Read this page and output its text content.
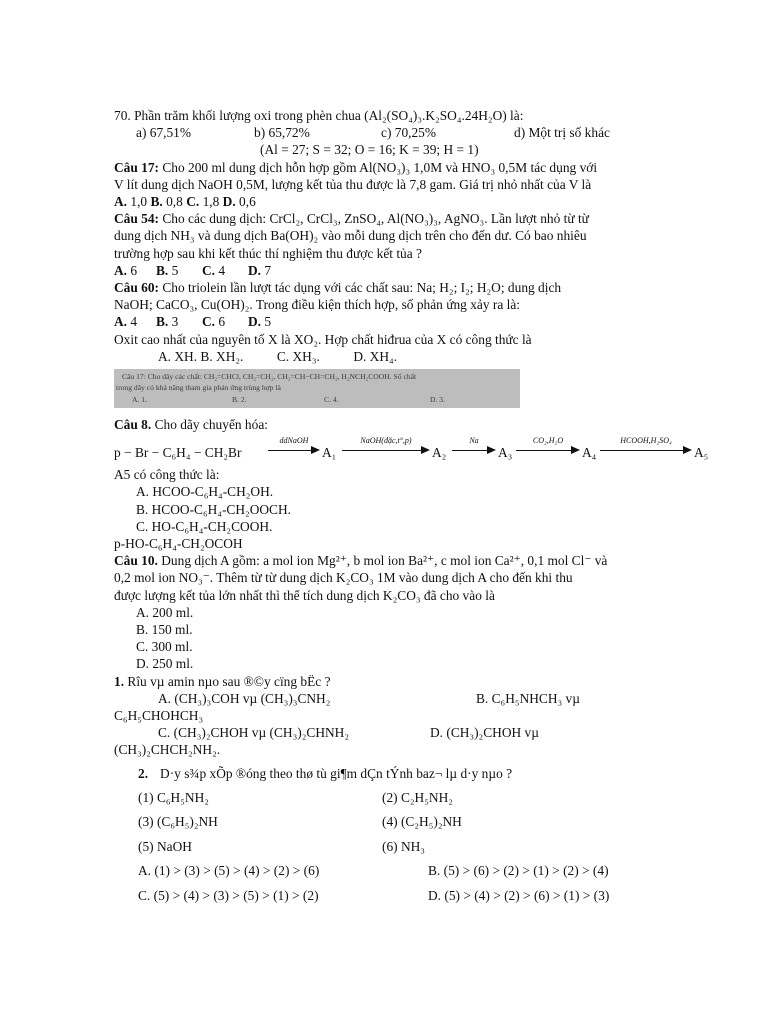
70. Phần trăm khối lượng oxi trong phèn chua (Al₂(SO₄)₃.K₂SO₄.24H₂O) là:
a) 67,51%	b) 65,72%	c) 70,25%	d) Một trị số khác
(Al = 27; S = 32; O = 16; K = 39; H = 1)
Câu 17: Cho 200 ml dung dịch hỗn hợp gồm Al(NO₃)₃ 1,0M và HNO₃ 0,5M tác dụng với
V lít dung dịch NaOH 0,5M, lượng kết tủa thu được là 7,8 gam. Giá trị nhỏ nhất của V là
A. 1,0 B. 0,8 C. 1,8 D. 0,6
Câu 54: Cho các dung dịch: CrCl₂, CrCl₃, ZnSO₄, Al(NO₃)₃, AgNO₃. Lần lượt nhỏ từ từ
dung dịch NH₃ và dung dịch Ba(OH)₂ vào mỗi dung dịch trên cho đến dư. Có bao nhiêu
trường hợp sau khi kết thúc thí nghiệm thu được kết tủa ?
A. 6 B. 5 C. 4 D. 7
Câu 60: Cho triolein lần lượt tác dụng với các chất sau: Na; H₂; I₂; H₂O; dung dịch
NaOH; CaCO₃, Cu(OH)₂. Trong điều kiện thích hợp, số phản ứng xảy ra là:
A. 4 B. 3 C. 6 D. 5
Oxit cao nhất của nguyên tố X là XO₂. Hợp chất hiđrua của X có công thức là
A. XH. B. XH₂.          C. XH₃.          D. XH₄.
Câu 17: Cho dãy các chất: CH₂=CHCl, CH₂=CH₂, CH₂=CH−CH=CH₂, H₂NCH₂COOH. Số chất
trong dãy có khả năng tham gia phản ứng trùng hợp là
A. 1.	B. 2.	C. 4.	D. 3.
Câu 8. Cho dãy chuyển hóa:
p − Br − C₆H₄ − CH₂Br
ddNaOH
A₁
NaOH(đặc,t°,p)
A₂
Na
A₃
CO₂,H₂O
A₄
HCOOH,H₂SO₄
A₅
A5 có công thức là:
A. HCOO-C₆H₄-CH₂OH.
B. HCOO-C₆H₄-CH₂OOCH.
C. HO-C₆H₄-CH₂COOH.
p-HO-C₆H₄-CH₂OCOH
Câu 10. Dung dịch A gồm: a mol ion Mg²⁺, b mol ion Ba²⁺, c mol ion Ca²⁺, 0,1 mol Cl⁻ và
0,2 mol ion NO₃⁻. Thêm từ từ dung dịch K₂CO₃ 1M vào dung dịch A cho đến khi thu
được lượng kết tủa lớn nhất thì thể tích dung dịch K₂CO₃ đã cho vào là
A. 200 ml.
B. 150 ml.
C. 300 ml.
D. 250 ml.
1. Rîu vµ amin nµo sau ®©y cïng bËc ?
A. (CH₃)₃COH vµ (CH₃)₃CNH₂	B. C₆H₅NHCH₃ vµ
C₆H₅CHOHCH₃
C. (CH₃)₂CHOH vµ (CH₃)₂CHNH₂	D. (CH₃)₂CHOH vµ
(CH₃)₂CHCH₂NH₂.
2. D·y s¾p xÕp ®óng theo thø tù gi¶m dÇn tÝnh baz¬ lµ d·y nµo ?
(1) C₆H₅NH₂	(2) C₂H₅NH₂
(3) (C₆H₅)₂NH	(4) (C₂H₅)₂NH
(5) NaOH	(6) NH₃
A. (1) > (3) > (5) > (4) > (2) > (6)	B. (5) > (6) > (2) > (1) > (2) > (4)
C. (5) > (4) > (3) > (5) > (1) > (2)	D. (5) > (4) > (2) > (6) > (1) > (3)
